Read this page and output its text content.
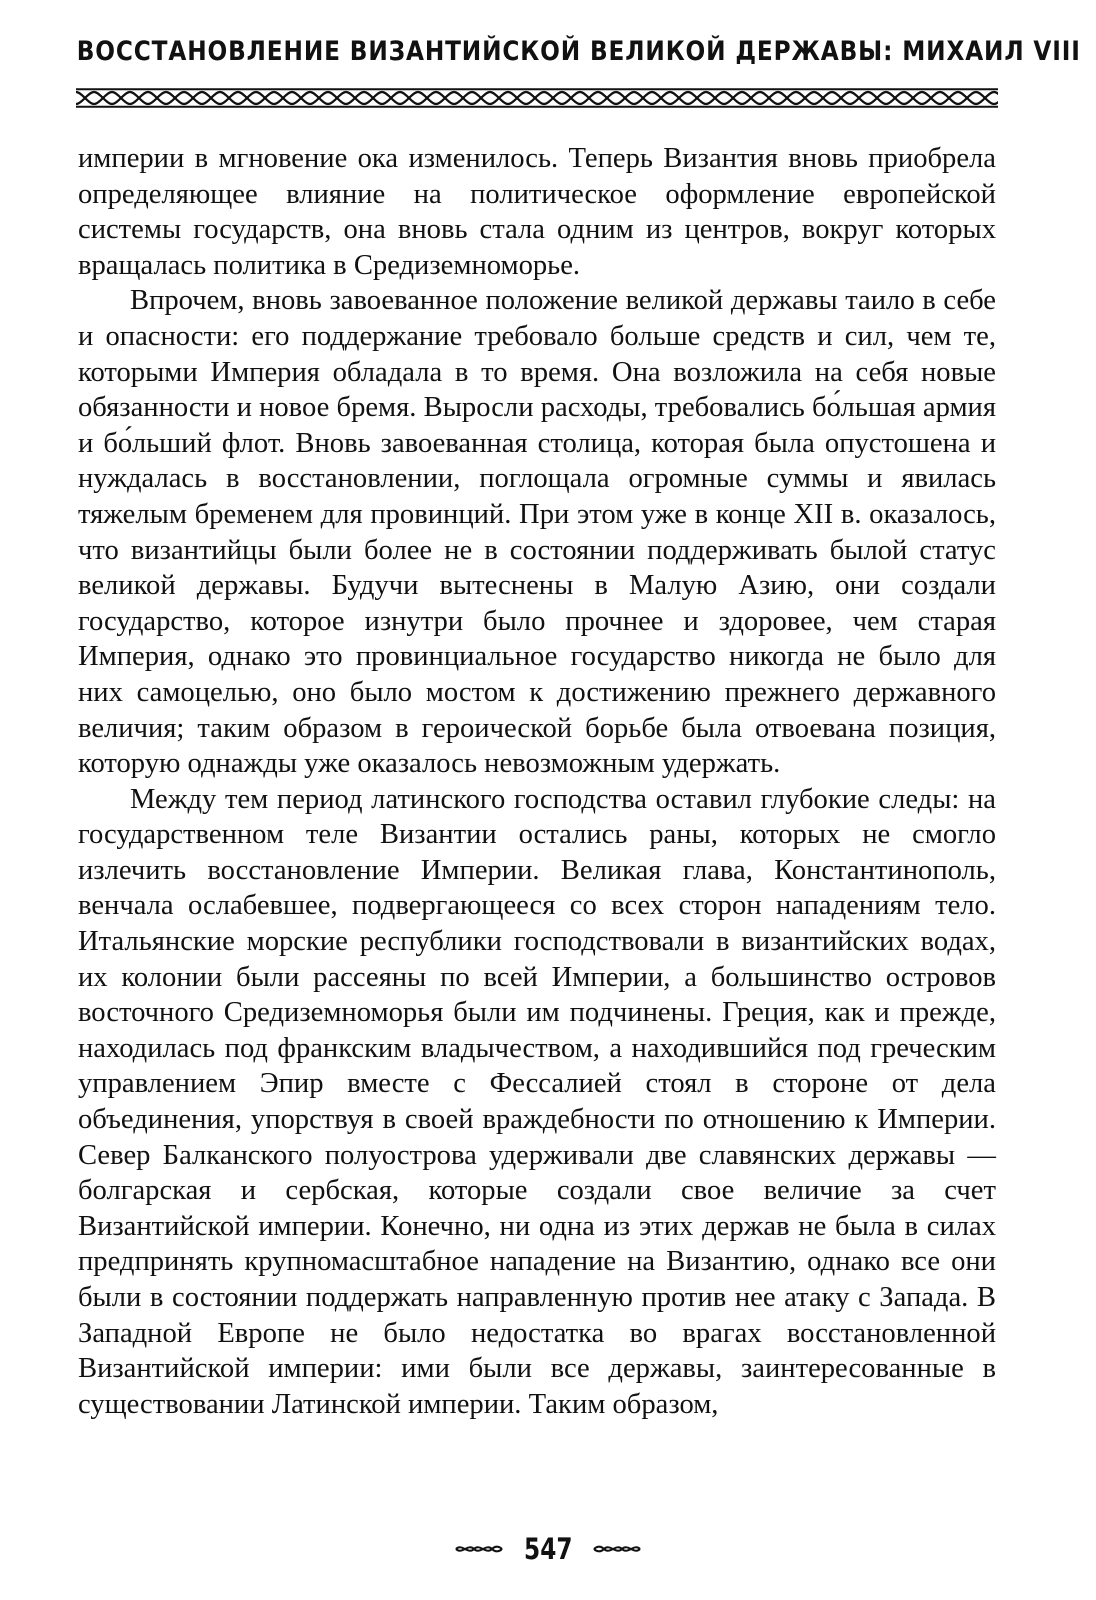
ВОССТАНОВЛЕНИЕ ВИЗАНТИЙСКОЙ ВЕЛИКОЙ ДЕРЖАВЫ: МИХАИЛ VIII

империи в мгновение ока изменилось. Теперь Византия вновь приобрела определяющее влияние на политическое оформление европейской системы государств, она вновь стала одним из центров, вокруг которых вращалась политика в Средиземноморье.

Впрочем, вновь завоеванное положение великой державы таило в себе и опасности: его поддержание требовало больше средств и сил, чем те, которыми Империя обладала в то время. Она возложила на себя новые обязанности и новое бремя. Выросли расходы, требовались бо́льшая армия и бо́льший флот. Вновь завоеванная столица, которая была опустошена и нуждалась в восстановлении, поглощала огромные суммы и явилась тяжелым бременем для провинций. При этом уже в конце XII в. оказалось, что византийцы были более не в состоянии поддерживать былой статус великой державы. Будучи вытеснены в Малую Азию, они создали государство, которое изнутри было прочнее и здоровее, чем старая Империя, однако это провинциальное государство никогда не было для них самоцелью, оно было мостом к достижению прежнего державного величия; таким образом в героической борьбе была отвоевана позиция, которую однажды уже оказалось невозможным удержать.

Между тем период латинского господства оставил глубокие следы: на государственном теле Византии остались раны, которых не смогло излечить восстановление Империи. Великая глава, Константинополь, венчала ослабевшее, подвергающееся со всех сторон нападениям тело. Итальянские морские республики господствовали в византийских водах, их колонии были рассеяны по всей Империи, а большинство островов восточного Средиземноморья были им подчинены. Греция, как и прежде, находилась под франкским владычеством, а находившийся под греческим управлением Эпир вместе с Фессалией стоял в стороне от дела объединения, упорствуя в своей враждебности по отношению к Империи. Север Балканского полуострова удерживали две славянских державы — болгарская и сербская, которые создали свое величие за счет Византийской империи. Конечно, ни одна из этих держав не была в силах предпринять крупномасштабное нападение на Византию, однако все они были в состоянии поддержать направленную против нее атаку с Запада. В Западной Европе не было недостатка во врагах восстановленной Византийской империи: ими были все державы, заинтересованные в существовании Латинской империи. Таким образом,

547
